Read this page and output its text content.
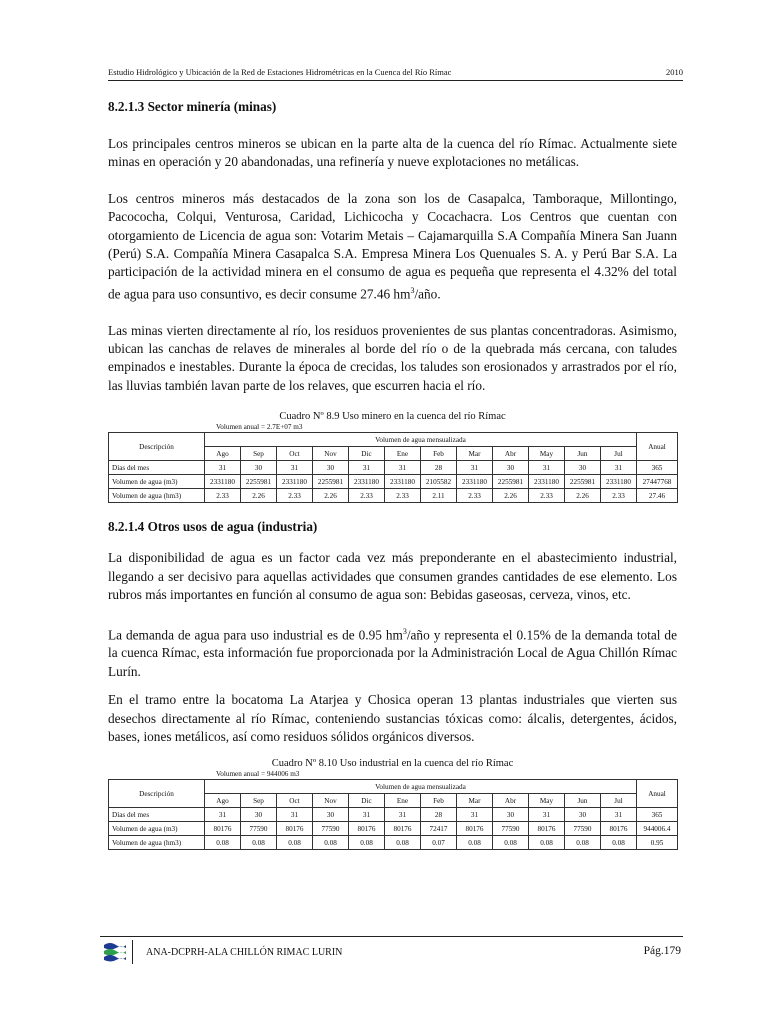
Estudio Hidrológico y Ubicación de la Red de Estaciones Hidrométricas en la Cuenca del Río Rímac	2010
8.2.1.3 Sector minería (minas)

Los principales centros mineros se ubican en la parte alta de la cuenca del río Rímac. Actualmente siete minas en operación y 20 abandonadas, una refinería y nueve explotaciones no metálicas.

Los centros mineros más destacados de la zona son los de Casapalca, Tamboraque, Millontingo, Pacococha, Colqui, Venturosa, Caridad, Lichicocha y Cocachacra. Los Centros que cuentan con otorgamiento de Licencia de agua son: Votarim Metais – Cajamarquilla S.A Compañía Minera San Juann (Perú) S.A. Compañía Minera Casapalca S.A. Empresa Minera Los Quenuales S. A. y Perú Bar S.A. La participación de la actividad minera en el consumo de agua es pequeña que representa el 4.32% del total de agua para uso consuntivo, es decir consume 27.46 $hm^3$/año.

Las minas vierten directamente al río, los residuos provenientes de sus plantas concentradoras. Asimismo, ubican las canchas de relaves de minerales al borde del río o de la quebrada más cercana, con taludes empinados e inestables. Durante la época de crecidas, los taludes son erosionados y arrastrados por el río, las lluvias también lavan parte de los relaves, que escurren hacia el río.

Cuadro Nº 8.9 Uso minero en la cuenca del río Rímac
Volumen anual = 2.7E+07 m3
Descripción	Volumen de agua mensualizada												Anual
	Ago	Sep	Oct	Nov	Dic	Ene	Feb	Mar	Abr	May	Jun	Jul	
Días del mes	31	30	31	30	31	31	28	31	30	31	30	31	365
Volumen de agua (m3)	2331180	2255981	2331180	2255981	2331180	2331180	2105582	2331180	2255981	2331180	2255981	2331180	27447768
Volumen de agua (hm3)	2.33	2.26	2.33	2.26	2.33	2.33	2.11	2.33	2.26	2.33	2.26	2.33	27.46
8.2.1.4 Otros usos de agua (industria)

La disponibilidad de agua es un factor cada vez más preponderante en el abastecimiento industrial, llegando a ser decisivo para aquellas actividades que consumen grandes cantidades de ese elemento. Los rubros más importantes en función al consumo de agua son: Bebidas gaseosas, cerveza, vinos, etc.

La demanda de agua para uso industrial es de 0.95 $hm^3$/año y representa el 0.15% de la demanda total de la cuenca Rímac, esta información fue proporcionada por la Administración Local de Agua Chillón Rímac Lurín.

En el tramo entre la bocatoma La Atarjea y Chosica operan 13 plantas industriales que vierten sus desechos directamente al río Rímac, conteniendo sustancias tóxicas como: álcalis, detergentes, ácidos, bases, iones metálicos, así como residuos sólidos orgánicos diversos.

Cuadro Nº 8.10 Uso industrial en la cuenca del río Rímac
Volumen anual = 944006 m3
Descripción	Volumen de agua mensualizada												Anual
	Ago	Sep	Oct	Nov	Dic	Ene	Feb	Mar	Abr	May	Jun	Jul	
Días del mes	31	30	31	30	31	31	28	31	30	31	30	31	365
Volumen de agua (m3)	80176	77590	80176	77590	80176	80176	72417	80176	77590	80176	77590	80176	944006.4
Volumen de agua (hm3)	0.08	0.08	0.08	0.08	0.08	0.08	0.07	0.08	0.08	0.08	0.08	0.08	0.95
ANA-DCPRH-ALA CHILLÓN RIMAC LURIN	Pág.179
